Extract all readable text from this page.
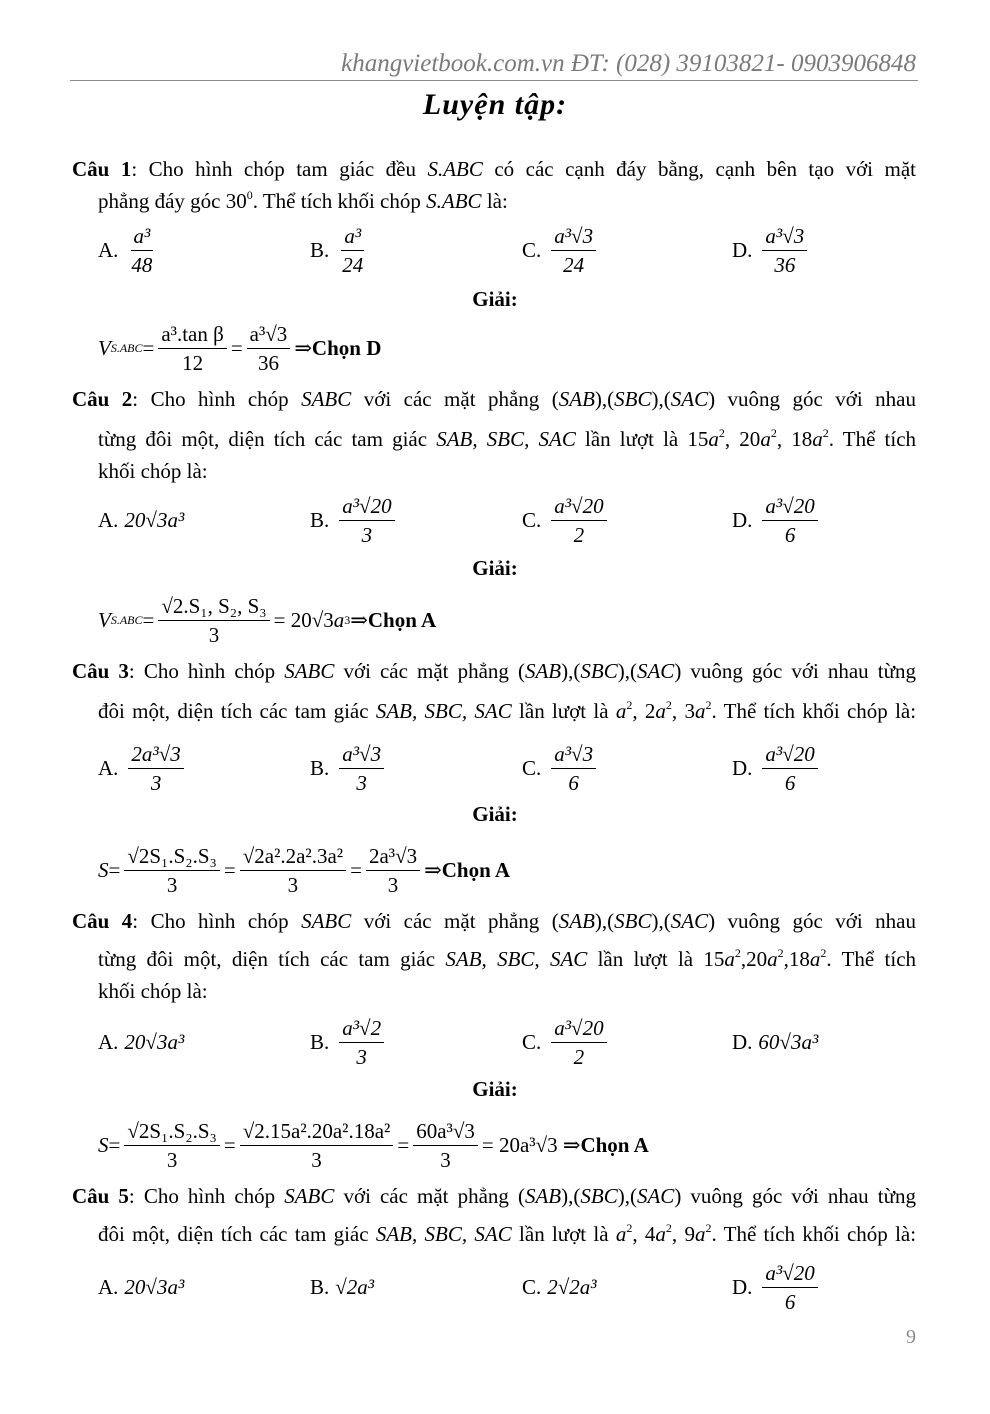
khangvietbook.com.vn ĐT: (028) 39103821- 0903906848
Luyện tập:
Câu 1: Cho hình chóp tam giác đều S.ABC có các cạnh đáy bằng, cạnh bên tạo với mặt
phẳng đáy góc $30^0$. Thể tích khối chóp S.ABC là:
A. $\frac{\text{a³}}{48}$	B. $\frac{\text{a³}}{24}$	C. $\frac{\text{a³√3}}{24}$	D. $\frac{\text{a³√3}}{36}$
Giải:
V $S.ABC = \frac{\text{a³.tan β}}{12} = \frac{\text{a³√3}}{36}$ ⇒ Chọn D
Câu 2: Cho hình chóp SABC với các mặt phẳng (SAB),(SBC),(SAC) vuông góc với nhau
từng đôi một, diện tích các tam giác SAB, SBC, SAC lần lượt là $15a^2$, $20a^2$, $18a^2$. Thể tích
khối chóp là:
A. 20√3a³	B. $\frac{\text{a³√20}}{3}$	C. $\frac{\text{a³√20}}{2}$	D. $\frac{\text{a³√20}}{6}$
Giải:
V $S.ABC = \frac{\text{√2.S₁, S₂, S₃}}{3} = 20√3$ a 3 ⇒ Chọn A
Câu 3: Cho hình chóp SABC với các mặt phẳng (SAB),(SBC),(SAC) vuông góc với nhau từng
đôi một, diện tích các tam giác SAB, SBC, SAC lần lượt là $a^2$, $2a^2$, $3a^2$. Thể tích khối chóp là:
A. $\frac{\text{2a³√3}}{3}$	B. $\frac{\text{a³√3}}{3}$	C. $\frac{\text{a³√3}}{6}$	D. $\frac{\text{a³√20}}{6}$
Giải:
$S = \frac{\text{√2S₁.S₂.S₃}}{3} = \frac{\text{√2a².2a².3a²}}{3} = \frac{\text{2a³√3}}{3}$ ⇒ Chọn A
Câu 4: Cho hình chóp SABC với các mặt phẳng (SAB),(SBC),(SAC) vuông góc với nhau
từng đôi một, diện tích các tam giác SAB, SBC, SAC lần lượt là $15a^2,20a^2,18a^2$. Thể tích
khối chóp là:
A. 20√3a³	B. $\frac{\text{a³√2}}{3}$	C. $\frac{\text{a³√20}}{2}$	D. 60√3a³
Giải:
$S = \frac{\text{√2S₁.S₂.S₃}}{3} = \frac{\text{√2.15a².20a².18a²}}{3} = \frac{\text{60a³√3}}{3} = 20a^3√3$ ⇒ Chọn A
Câu 5: Cho hình chóp SABC với các mặt phẳng (SAB),(SBC),(SAC) vuông góc với nhau từng
đôi một, diện tích các tam giác SAB, SBC, SAC lần lượt là $a^2$, $4a^2$, $9a^2$. Thể tích khối chóp là:
A. 20√3a³	B. √2a³	C. 2√2a³	D. $\frac{\text{a³√20}}{6}$
9
